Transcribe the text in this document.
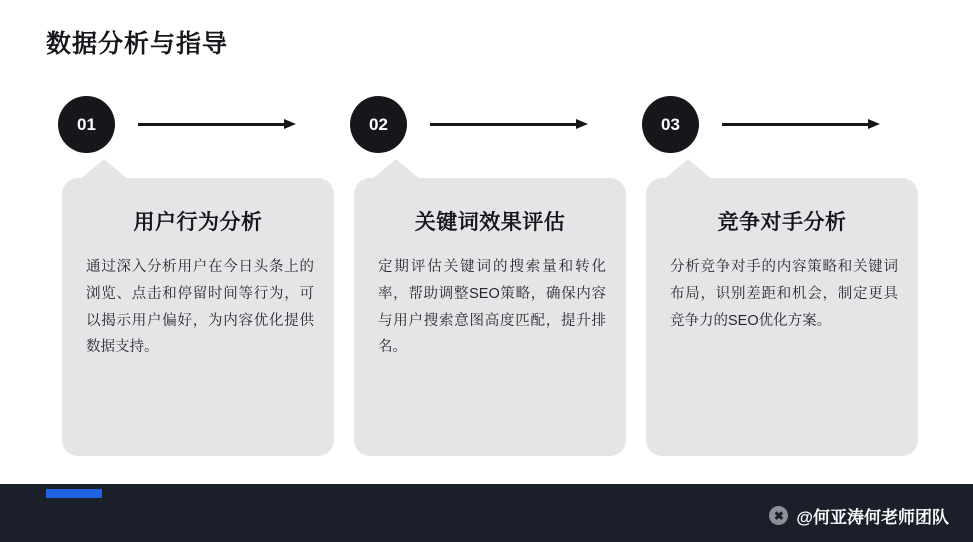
数据分析与指导
01
用户行为分析
通过深入分析用户在今日头条上的浏览、点击和停留时间等行为，可以揭示用户偏好，为内容优化提供数据支持。
02
关键词效果评估
定期评估关键词的搜索量和转化率，帮助调整SEO策略，确保内容与用户搜索意图高度匹配，提升排名。
03
竞争对手分析
分析竞争对手的内容策略和关键词布局，识别差距和机会，制定更具竞争力的SEO优化方案。
✖ @何亚涛何老师团队
